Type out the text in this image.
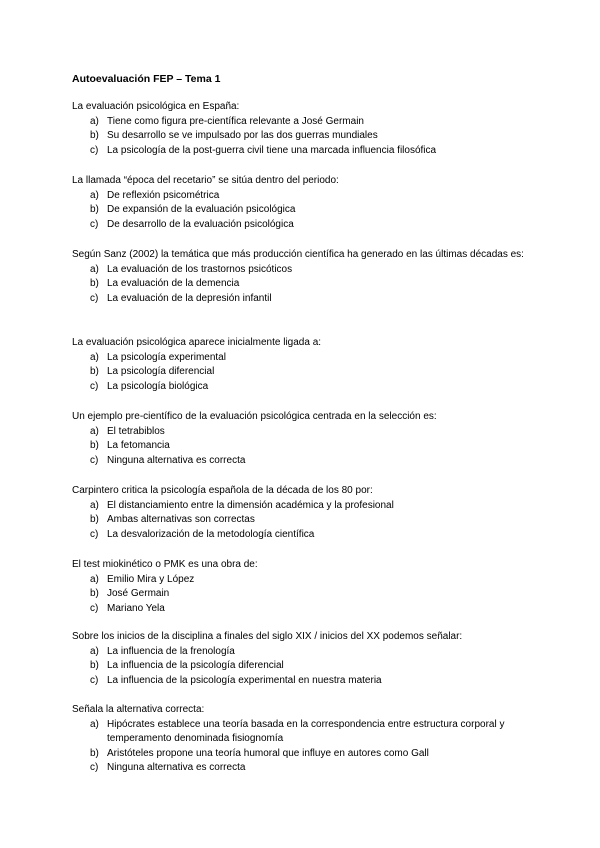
Autoevaluación FEP – Tema 1

La evaluación psicológica en España:

a) Tiene como figura pre-científica relevante a José Germain
b) Su desarrollo se ve impulsado por las dos guerras mundiales
c) La psicología de la post-guerra civil tiene una marcada influencia filosófica

La llamada “época del recetario” se sitúa dentro del periodo:

a) De reflexión psicométrica
b) De expansión de la evaluación psicológica
c) De desarrollo de la evaluación psicológica

Según Sanz (2002) la temática que más producción científica ha generado en las últimas décadas es:

a) La evaluación de los trastornos psicóticos
b) La evaluación de la demencia
c) La evaluación de la depresión infantil

La evaluación psicológica aparece inicialmente ligada a:

a) La psicología experimental
b) La psicología diferencial
c) La psicología biológica

Un ejemplo pre-científico de la evaluación psicológica centrada en la selección es:

a) El tetrabiblos
b) La fetomancia
c) Ninguna alternativa es correcta

Carpintero critica la psicología española de la década de los 80 por:

a) El distanciamiento entre la dimensión académica y la profesional
b) Ambas alternativas son correctas
c) La desvalorización de la metodología científica

El test miokinético o PMK es una obra de:

a) Emilio Mira y López
b) José Germain
c) Mariano Yela

Sobre los inicios de la disciplina a finales del siglo XIX / inicios del XX podemos señalar:

a) La influencia de la frenología
b) La influencia de la psicología diferencial
c) La influencia de la psicología experimental en nuestra materia

Señala la alternativa correcta:

a) Hipócrates establece una teoría basada en la correspondencia entre estructura corporal y temperamento denominada fisiognomía
b) Aristóteles propone una teoría humoral que influye en autores como Gall
c) Ninguna alternativa es correcta
